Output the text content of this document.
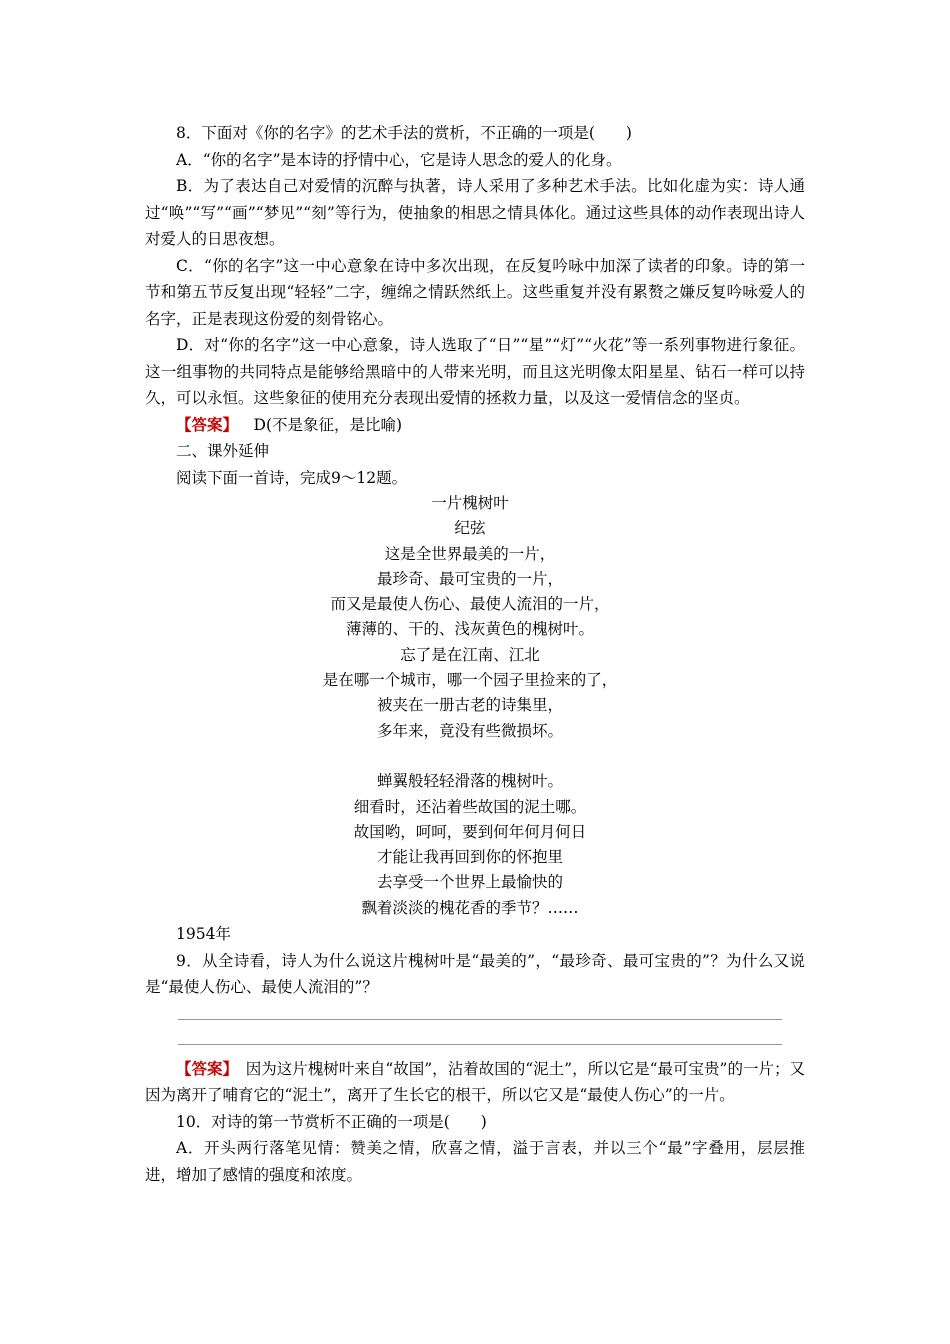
8．下面对《你的名字》的艺术手法的赏析，不正确的一项是(　　)
A．“你的名字”是本诗的抒情中心，它是诗人思念的爱人的化身。
B．为了表达自己对爱情的沉醉与执著，诗人采用了多种艺术手法。比如化虚为实：诗人通过“唤”“写”“画”“梦见”“刻”等行为，使抽象的相思之情具体化。通过这些具体的动作表现出诗人对爱人的日思夜想。
C．“你的名字”这一中心意象在诗中多次出现，在反复吟咏中加深了读者的印象。诗的第一节和第五节反复出现“轻轻”二字，缠绵之情跃然纸上。这些重复并没有累赘之嫌反复吟咏爱人的名字，正是表现这份爱的刻骨铭心。
D．对“你的名字”这一中心意象，诗人选取了“日”“星”“灯”“火花”等一系列事物进行象征。这一组事物的共同特点是能够给黑暗中的人带来光明，而且这光明像太阳星星、钻石一样可以持久，可以永恒。这些象征的使用充分表现出爱情的拯救力量，以及这一爱情信念的坚贞。
【答案】  D(不是象征，是比喻)
二、课外延伸
阅读下面一首诗，完成9～12题。
一片槐树叶
纪弦
这是全世界最美的一片，
最珍奇、最可宝贵的一片，
而又是最使人伤心、最使人流泪的一片，
薄薄的、干的、浅灰黄色的槐树叶。
忘了是在江南、江北
是在哪一个城市，哪一个园子里捡来的了，
被夹在一册古老的诗集里，
多年来，竟没有些微损坏。
蝉翼般轻轻滑落的槐树叶。
细看时，还沾着些故国的泥土哪。
故国哟，呵呵，要到何年何月何日
才能让我再回到你的怀抱里
去享受一个世界上最愉快的
飘着淡淡的槐花香的季节？……
1954年
9．从全诗看，诗人为什么说这片槐树叶是“最美的”，“最珍奇、最可宝贵的”？为什么又说是“最使人伤心、最使人流泪的”？
【答案】　因为这片槐树叶来自“故国”，沾着故国的“泥土”，所以它是“最可宝贵”的一片；又因为离开了哺育它的“泥土”，离开了生长它的根干，所以它又是“最使人伤心”的一片。
10．对诗的第一节赏析不正确的一项是(　　)
A．开头两行落笔见情：赞美之情，欣喜之情，溢于言表，并以三个“最”字叠用，层层推进，增加了感情的强度和浓度。
